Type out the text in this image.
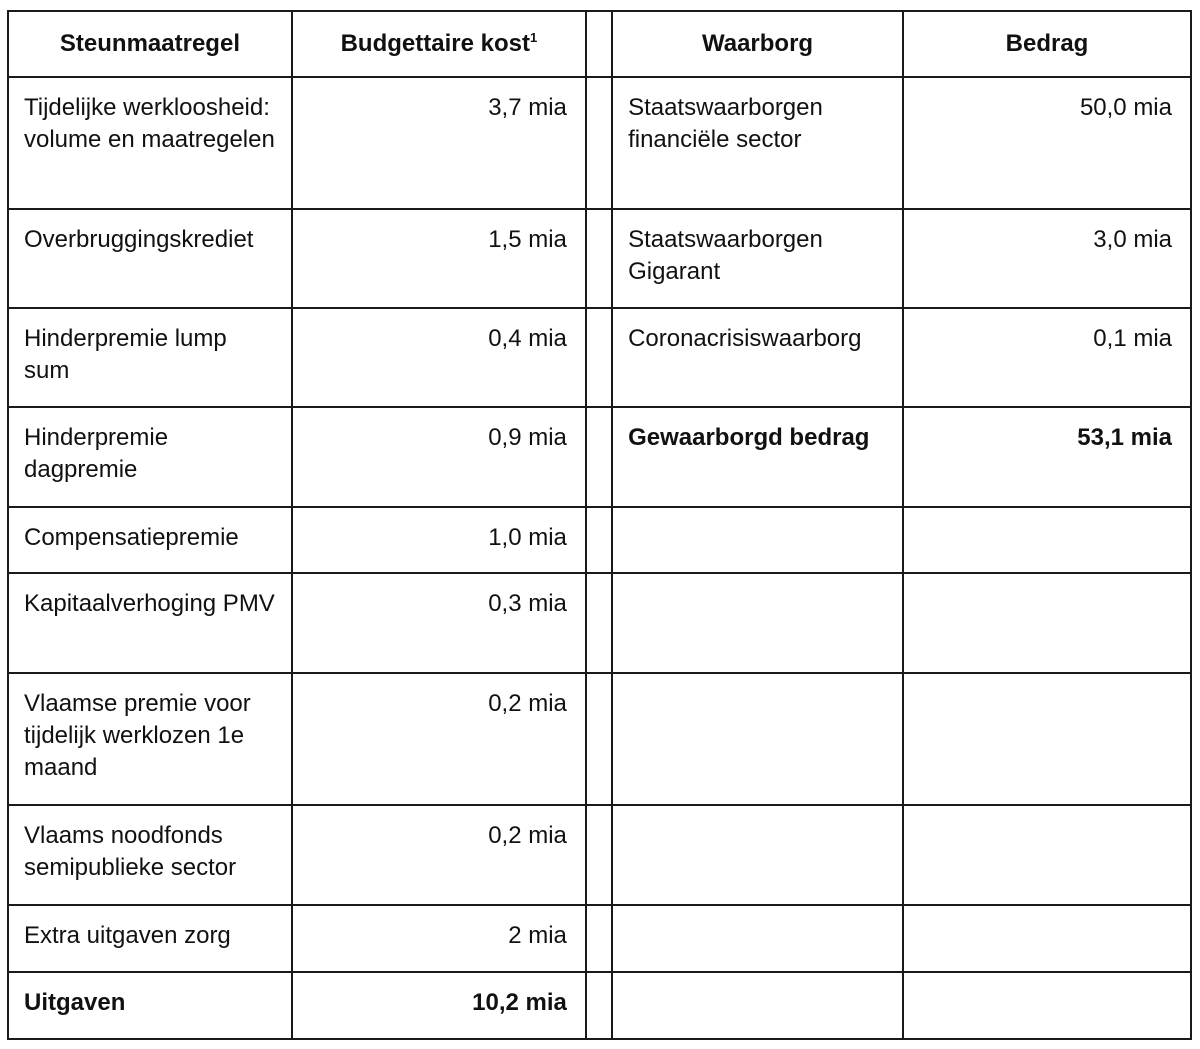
Steunmaatregel	Budgettaire kost$^1$		Waarborg	Bedrag
Tijdelijke werkloosheid: volume en maatregelen	3,7 mia		Staatswaarborgen financiële sector	50,0 mia
Overbruggingskrediet	1,5 mia		Staatswaarborgen Gigarant	3,0 mia
Hinderpremie lump sum	0,4 mia		Coronacrisiswaarborg	0,1 mia
Hinderpremie dagpremie	0,9 mia		Gewaarborgd bedrag	53,1 mia
Compensatiepremie	1,0 mia			
Kapitaalverhoging PMV	0,3 mia			
Vlaamse premie voor tijdelijk werklozen 1e maand	0,2 mia			
Vlaams noodfonds semipublieke sector	0,2 mia			
Extra uitgaven zorg	2 mia			
Uitgaven	10,2 mia			
